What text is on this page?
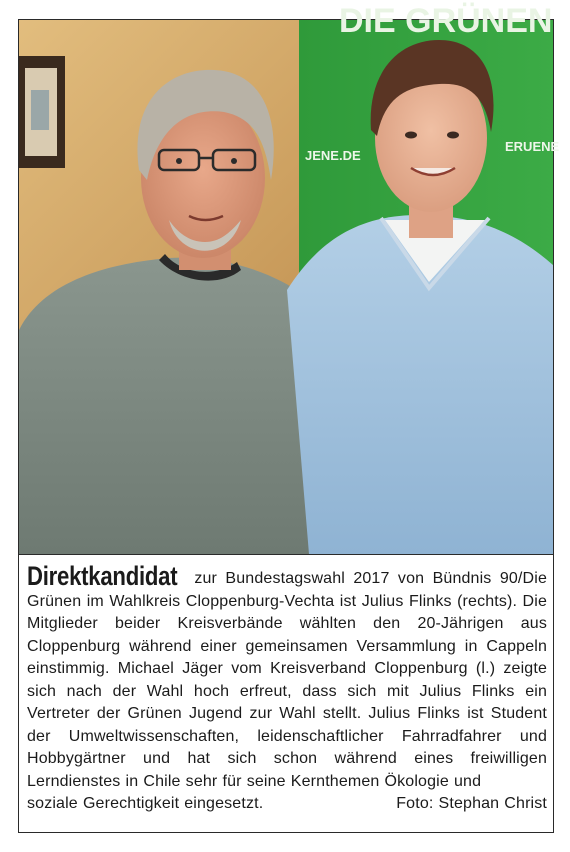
DIE GRÜNEN
JENE.DE
ERUENE

Direktkandidat zur Bundestagswahl 2017 von Bündnis 90/Die Grünen im Wahlkreis Cloppenburg-Vechta ist Julius Flinks (rechts). Die Mitglieder beider Kreisverbände wählten den 20-Jährigen aus Cloppenburg während einer gemeinsamen Versammlung in Cappeln einstimmig. Michael Jäger vom Kreisverband Cloppenburg (l.) zeigte sich nach der Wahl hoch erfreut, dass sich mit Julius Flinks ein Vertreter der Grünen Jugend zur Wahl stellt. Julius Flinks ist Student der Umweltwissenschaften, leidenschaftlicher Fahrradfahrer und Hobbygärtner und hat sich schon während eines freiwilligen Lerndienstes in Chile sehr für seine Kernthemen Ökologie und

soziale Gerechtigkeit eingesetzt.	Foto: Stephan Christ
